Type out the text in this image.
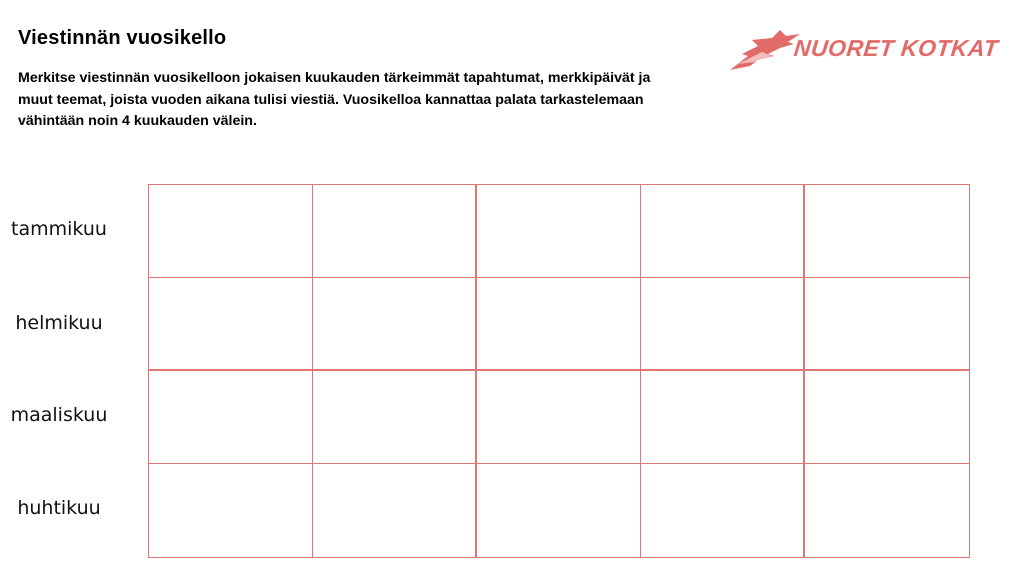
Viestinnän vuosikello

Merkitse viestinnän vuosikelloon jokaisen kuukauden tärkeimmät tapahtumat, merkkipäivät ja muut teemat, joista vuoden aikana tulisi viestiä. Vuosikelloa kannattaa palata tarkastelemaan vähintään noin 4 kuukauden välein.

NUORET KOTKAT
tammikuu
helmikuu
maaliskuu
huhtikuu
